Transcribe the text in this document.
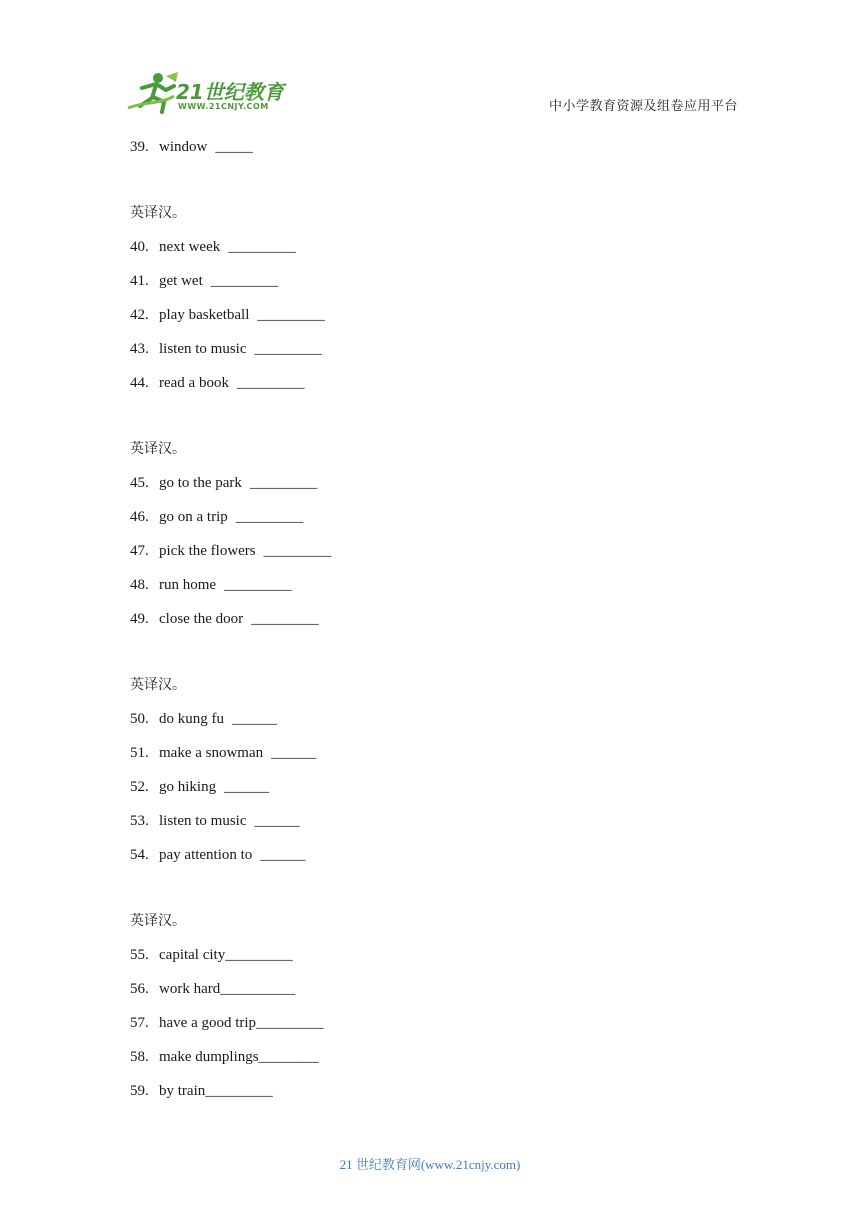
21世纪教育
WWW.21CNJY.COM	中小学教育资源及组卷应用平台
39. window _____
英译汉。
40. next week _________
41. get wet _________
42. play basketball _________
43. listen to music _________
44. read a book _________
英译汉。
45. go to the park _________
46. go on a trip _________
47. pick the flowers _________
48. run home _________
49. close the door _________
英译汉。
50. do kung fu ______
51. make a snowman ______
52. go hiking ______
53. listen to music ______
54. pay attention to ______
英译汉。
55. capital city_________
56. work hard__________
57. have a good trip_________
58. make dumplings________
59. by train_________
21 世纪教育网(www.21cnjy.com)
